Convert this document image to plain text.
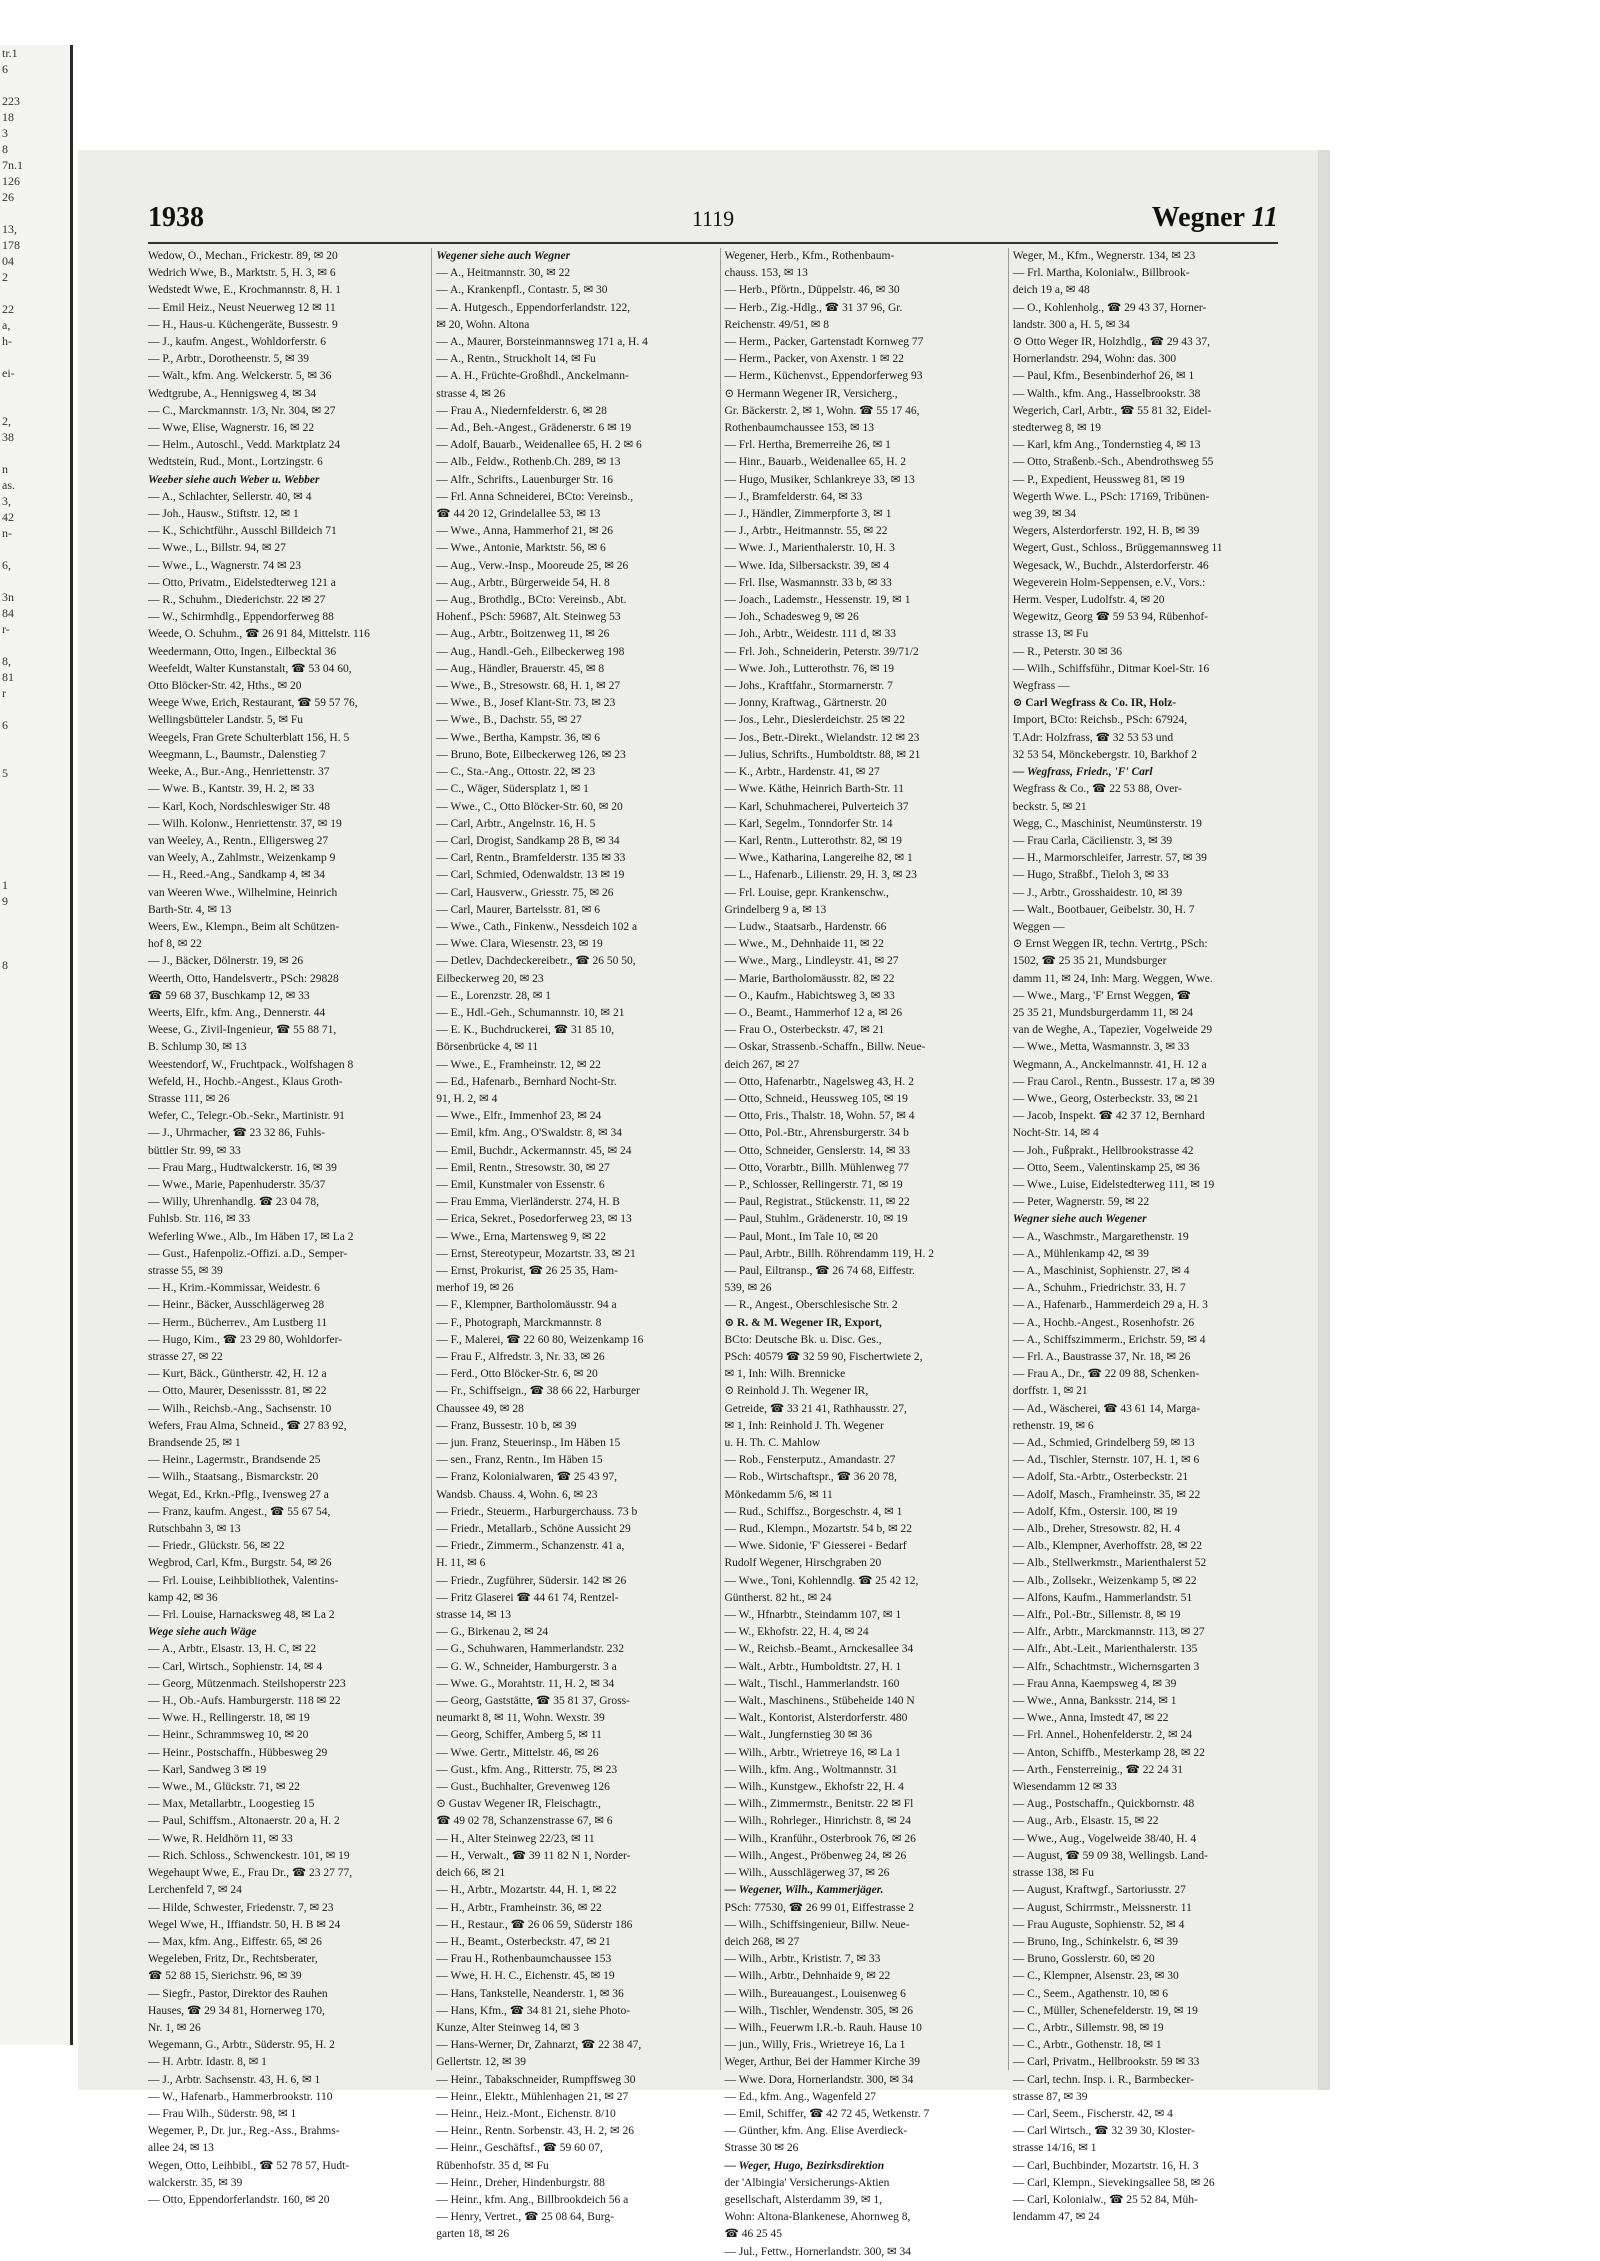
tr.1
6

223
18
3
8
7n.1
126
26

13,
178
04
2

22
a,
h-

ei-

2,
38

n
as.
3,
42
n-

6,

3n
84
r-

8,
81
r

6

5

1
9

8

1938	1119	Wegner 11
Wedow, O., Mechan., Frickestr. 89, ✉ 20
Wedrich Wwe, B., Marktstr. 5, H. 3, ✉ 6
Wedstedt Wwe, E., Krochmannstr. 8, H. 1
— Emil Heiz., Neust Neuerweg 12 ✉ 11
— H., Haus-u. Küchengeräte, Bussestr. 9
— J., kaufm. Angest., Wohldorferstr. 6
— P., Arbtr., Dorotheenstr. 5, ✉ 39
— Walt., kfm. Ang. Welckerstr. 5, ✉ 36
Wedtgrube, A., Hennigsweg 4, ✉ 34
— C., Marckmannstr. 1/3, Nr. 304, ✉ 27
— Wwe, Elise, Wagnerstr. 16, ✉ 22
— Helm., Autoschl., Vedd. Marktplatz 24
Wedtstein, Rud., Mont., Lortzingstr. 6
Weeber siehe auch Weber u. Webber
— A., Schlachter, Sellerstr. 40, ✉ 4
— Joh., Hausw., Stiftstr. 12, ✉ 1
— K., Schichtführ., Ausschl Billdeich 71
— Wwe., L., Billstr. 94, ✉ 27
— Wwe., L., Wagnerstr. 74 ✉ 23
— Otto, Privatm., Eidelstedterweg 121 a
— R., Schuhm., Diederichstr. 22 ✉ 27
— W., Schirmhdlg., Eppendorferweg 88
Weede, O. Schuhm., ☎ 26 91 84, Mittelstr. 116
Weedermann, Otto, Ingen., Eilbecktal 36
Weefeldt, Walter Kunstanstalt, ☎ 53 04 60,
Otto Blöcker-Str. 42, Hths., ✉ 20
Weege Wwe, Erich, Restaurant, ☎ 59 57 76,
Wellingsbütteler Landstr. 5, ✉ Fu
Weegels, Fran Grete Schulterblatt 156, H. 5
Weegmann, L., Baumstr., Dalenstieg 7
Weeke, A., Bur.-Ang., Henriettenstr. 37
— Wwe. B., Kantstr. 39, H. 2, ✉ 33
— Karl, Koch, Nordschleswiger Str. 48
— Wilh. Kolonw., Henriettenstr. 37, ✉ 19
van Weeley, A., Rentn., Elligersweg 27
van Weely, A., Zahlmstr., Weizenkamp 9
— H., Reed.-Ang., Sandkamp 4, ✉ 34
van Weeren Wwe., Wilhelmine, Heinrich
Barth-Str. 4, ✉ 13
Weers, Ew., Klempn., Beim alt Schützen-
hof 8, ✉ 22
— J., Bäcker, Dölnerstr. 19, ✉ 26
Weerth, Otto, Handelsvertr., PSch: 29828
☎ 59 68 37, Buschkamp 12, ✉ 33
Weerts, Elfr., kfm. Ang., Dennerstr. 44
Weese, G., Zivil-Ingenieur, ☎ 55 88 71,
B. Schlump 30, ✉ 13
Weestendorf, W., Fruchtpack., Wolfshagen 8
Wefeld, H., Hochb.-Angest., Klaus Groth-
Strasse 111, ✉ 26
Wefer, C., Telegr.-Ob.-Sekr., Martinistr. 91
— J., Uhrmacher, ☎ 23 32 86, Fuhls-
büttler Str. 99, ✉ 33
— Frau Marg., Hudtwalckerstr. 16, ✉ 39
— Wwe., Marie, Papenhuderstr. 35/37
— Willy, Uhrenhandlg. ☎ 23 04 78,
Fuhlsb. Str. 116, ✉ 33
Weferling Wwe., Alb., Im Häben 17, ✉ La 2
— Gust., Hafenpoliz.-Offizi. a.D., Semper-
strasse 55, ✉ 39
— H., Krim.-Kommissar, Weidestr. 6
— Heinr., Bäcker, Ausschlägerweg 28
— Herm., Bücherrev., Am Lustberg 11
— Hugo, Kim., ☎ 23 29 80, Wohldorfer-
strasse 27, ✉ 22
— Kurt, Bäck., Güntherstr. 42, H. 12 a
— Otto, Maurer, Desenissstr. 81, ✉ 22
— Wilh., Reichsb.-Ang., Sachsenstr. 10
Wefers, Frau Alma, Schneid., ☎ 27 83 92,
Brandsende 25, ✉ 1
— Heinr., Lagermstr., Brandsende 25
— Wilh., Staatsang., Bismarckstr. 20
Wegat, Ed., Krkn.-Pflg., Ivensweg 27 a
— Franz, kaufm. Angest., ☎ 55 67 54,
Rutschbahn 3, ✉ 13
— Friedr., Glückstr. 56, ✉ 22
Wegbrod, Carl, Kfm., Burgstr. 54, ✉ 26
— Frl. Louise, Leihbibliothek, Valentins-
kamp 42, ✉ 36
— Frl. Louise, Harnacksweg 48, ✉ La 2
Wege siehe auch Wäge
— A., Arbtr., Elsastr. 13, H. C, ✉ 22
— Carl, Wirtsch., Sophienstr. 14, ✉ 4
— Georg, Mützenmach. Steilshoperstr 223
— H., Ob.-Aufs. Hamburgerstr. 118 ✉ 22
— Wwe. H., Rellingerstr. 18, ✉ 19
— Heinr., Schrammsweg 10, ✉ 20
— Heinr., Postschaffn., Hübbesweg 29
— Karl, Sandweg 3 ✉ 19
— Wwe., M., Glückstr. 71, ✉ 22
— Max, Metallarbtr., Loogestieg 15
— Paul, Schiffsm., Altonaerstr. 20 a, H. 2
— Wwe, R. Heldhörn 11, ✉ 33
— Rich. Schloss., Schwenckestr. 101, ✉ 19
Wegehaupt Wwe, E., Frau Dr., ☎ 23 27 77,
Lerchenfeld 7, ✉ 24
— Hilde, Schwester, Friedenstr. 7, ✉ 23
Wegel Wwe, H., Iffiandstr. 50, H. B ✉ 24
— Max, kfm. Ang., Eiffestr. 65, ✉ 26
Wegeleben, Fritz, Dr., Rechtsberater,
☎ 52 88 15, Sierichstr. 96, ✉ 39
— Siegfr., Pastor, Direktor des Rauhen
Hauses, ☎ 29 34 81, Hornerweg 170,
Nr. 1, ✉ 26
Wegemann, G., Arbtr., Süderstr. 95, H. 2
— H. Arbtr. Idastr. 8, ✉ 1
— J., Arbtr. Sachsenstr. 43, H. 6, ✉ 1
— W., Hafenarb., Hammerbrookstr. 110
— Frau Wilh., Süderstr. 98, ✉ 1
Wegemer, P., Dr. jur., Reg.-Ass., Brahms-
allee 24, ✉ 13
Wegen, Otto, Leihbibl., ☎ 52 78 57, Hudt-
walckerstr. 35, ✉ 39
— Otto, Eppendorferlandstr. 160, ✉ 20
Wegener siehe auch Wegner
— A., Heitmannstr. 30, ✉ 22
— A., Krankenpfl., Contastr. 5, ✉ 30
— A. Hutgesch., Eppendorferlandstr. 122,
✉ 20, Wohn. Altona
— A., Maurer, Borsteinmannsweg 171 a, H. 4
— A., Rentn., Struckholt 14, ✉ Fu
— A. H., Früchte-Großhdl., Anckelmann-
strasse 4, ✉ 26
— Frau A., Niedernfelderstr. 6, ✉ 28
— Ad., Beh.-Angest., Grädenerstr. 6 ✉ 19
— Adolf, Bauarb., Weidenallee 65, H. 2 ✉ 6
— Alb., Feldw., Rothenb.Ch. 289, ✉ 13
— Alfr., Schrifts., Lauenburger Str. 16
— Frl. Anna Schneiderei, BCto: Vereinsb.,
☎ 44 20 12, Grindelallee 53, ✉ 13
— Wwe., Anna, Hammerhof 21, ✉ 26
— Wwe., Antonie, Marktstr. 56, ✉ 6
— Aug., Verw.-Insp., Mooreude 25, ✉ 26
— Aug., Arbtr., Bürgerweide 54, H. 8
— Aug., Brothdlg., BCto: Vereinsb., Abt.
Hohenf., PSch: 59687, Alt. Steinweg 53
— Aug., Arbtr., Boitzenweg 11, ✉ 26
— Aug., Handl.-Geh., Eilbeckerweg 198
— Aug., Händler, Brauerstr. 45, ✉ 8
— Wwe., B., Stresowstr. 68, H. 1, ✉ 27
— Wwe., B., Josef Klant-Str. 73, ✉ 23
— Wwe., B., Dachstr. 55, ✉ 27
— Wwe., Bertha, Kampstr. 36, ✉ 6
— Bruno, Bote, Eilbeckerweg 126, ✉ 23
— C., Sta.-Ang., Ottostr. 22, ✉ 23
— C., Wäger, Südersplatz 1, ✉ 1
— Wwe., C., Otto Blöcker-Str. 60, ✉ 20
— Carl, Arbtr., Angelnstr. 16, H. 5
— Carl, Drogist, Sandkamp 28 B, ✉ 34
— Carl, Rentn., Bramfelderstr. 135 ✉ 33
— Carl, Schmied, Odenwaldstr. 13 ✉ 19
— Carl, Hausverw., Griesstr. 75, ✉ 26
— Carl, Maurer, Bartelsstr. 81, ✉ 6
— Wwe., Cath., Finkenw., Nessdeich 102 a
— Wwe. Clara, Wiesenstr. 23, ✉ 19
— Detlev, Dachdeckereibetr., ☎ 26 50 50,
Eilbeckerweg 20, ✉ 23
— E., Lorenzstr. 28, ✉ 1
— E., Hdl.-Geh., Schumannstr. 10, ✉ 21
— E. K., Buchdruckerei, ☎ 31 85 10,
Börsenbrücke 4, ✉ 11
— Wwe., E., Framheinstr. 12, ✉ 22
— Ed., Hafenarb., Bernhard Nocht-Str.
91, H. 2, ✉ 4
— Wwe., Elfr., Immenhof 23, ✉ 24
— Emil, kfm. Ang., O'Swaldstr. 8, ✉ 34
— Emil, Buchdr., Ackermannstr. 45, ✉ 24
— Emil, Rentn., Stresowstr. 30, ✉ 27
— Emil, Kunstmaler von Essenstr. 6
— Frau Emma, Vierländerstr. 274, H. B
— Erica, Sekret., Posedorferweg 23, ✉ 13
— Wwe., Erna, Martensweg 9, ✉ 22
— Ernst, Stereotypeur, Mozartstr. 33, ✉ 21
— Ernst, Prokurist, ☎ 26 25 35, Ham-
merhof 19, ✉ 26
— F., Klempner, Bartholomäusstr. 94 a
— F., Photograph, Marckmannstr. 8
— F., Malerei, ☎ 22 60 80, Weizenkamp 16
— Frau F., Alfredstr. 3, Nr. 33, ✉ 26
— Ferd., Otto Blöcker-Str. 6, ✉ 20
— Fr., Schiffseign., ☎ 38 66 22, Harburger
Chaussee 49, ✉ 28
— Franz, Bussestr. 10 b, ✉ 39
— jun. Franz, Steuerinsp., Im Häben 15
— sen., Franz, Rentn., Im Häben 15
— Franz, Kolonialwaren, ☎ 25 43 97,
Wandsb. Chauss. 4, Wohn. 6, ✉ 23
— Friedr., Steuerm., Harburgerchauss. 73 b
— Friedr., Metallarb., Schöne Aussicht 29
— Friedr., Zimmerm., Schanzenstr. 41 a,
H. 11, ✉ 6
— Friedr., Zugführer, Südersir. 142 ✉ 26
— Fritz Glaserei ☎ 44 61 74, Rentzel-
strasse 14, ✉ 13
— G., Birkenau 2, ✉ 24
— G., Schuhwaren, Hammerlandstr. 232
— G. W., Schneider, Hamburgerstr. 3 a
— Wwe. G., Morahtstr. 11, H. 2, ✉ 34
— Georg, Gaststätte, ☎ 35 81 37, Gross-
neumarkt 8, ✉ 11, Wohn. Wexstr. 39
— Georg, Schiffer, Amberg 5, ✉ 11
— Wwe. Gertr., Mittelstr. 46, ✉ 26
— Gust., kfm. Ang., Ritterstr. 75, ✉ 23
— Gust., Buchhalter, Grevenweg 126
⊙ Gustav Wegener IR, Fleischagtr.,
☎ 49 02 78, Schanzenstrasse 67, ✉ 6
— H., Alter Steinweg 22/23, ✉ 11
— H., Verwalt., ☎ 39 11 82 N 1, Norder-
deich 66, ✉ 21
— H., Arbtr., Mozartstr. 44, H. 1, ✉ 22
— H., Arbtr., Framheinstr. 36, ✉ 22
— H., Restaur., ☎ 26 06 59, Süderstr 186
— H., Beamt., Osterbeckstr. 47, ✉ 21
— Frau H., Rothenbaumchaussee 153
— Wwe, H. H. C., Eichenstr. 45, ✉ 19
— Hans, Tankstelle, Neanderstr. 1, ✉ 36
— Hans, Kfm., ☎ 34 81 21, siehe Photo-
Kunze, Alter Steinweg 14, ✉ 3
— Hans-Werner, Dr, Zahnarzt, ☎ 22 38 47,
Gellertstr. 12, ✉ 39
— Heinr., Tabakschneider, Rumpffsweg 30
— Heinr., Elektr., Mühlenhagen 21, ✉ 27
— Heinr., Heiz.-Mont., Eichenstr. 8/10
— Heinr., Rentn. Sorbenstr. 43, H. 2, ✉ 26
— Heinr., Geschäftsf., ☎ 59 60 07,
Rübenhofstr. 35 d, ✉ Fu
— Heinr., Dreher, Hindenburgstr. 88
— Heinr., kfm. Ang., Billbrookdeich 56 a
— Henry, Vertret., ☎ 25 08 64, Burg-
garten 18, ✉ 26
Wegener, Herb., Kfm., Rothenbaum-
chauss. 153, ✉ 13
— Herb., Pförtn., Düppelstr. 46, ✉ 30
— Herb., Zig.-Hdlg., ☎ 31 37 96, Gr.
Reichenstr. 49/51, ✉ 8
— Herm., Packer, Gartenstadt Kornweg 77
— Herm., Packer, von Axenstr. 1 ✉ 22
— Herm., Küchenvst., Eppendorferweg 93
⊙ Hermann Wegener IR, Versicherg.,
Gr. Bäckerstr. 2, ✉ 1, Wohn. ☎ 55 17 46,
Rothenbaumchaussee 153, ✉ 13
— Frl. Hertha, Bremerreihe 26, ✉ 1
— Hinr., Bauarb., Weidenallee 65, H. 2
— Hugo, Musiker, Schlankreye 33, ✉ 13
— J., Bramfelderstr. 64, ✉ 33
— J., Händler, Zimmerpforte 3, ✉ 1
— J., Arbtr., Heitmannstr. 55, ✉ 22
— Wwe. J., Marienthalerstr. 10, H. 3
— Wwe. Ida, Silbersackstr. 39, ✉ 4
— Frl. Ilse, Wasmannstr. 33 b, ✉ 33
— Joach., Lademstr., Hessenstr. 19, ✉ 1
— Joh., Schadesweg 9, ✉ 26
— Joh., Arbtr., Weidestr. 111 d, ✉ 33
— Frl. Joh., Schneiderin, Peterstr. 39/71/2
— Wwe. Joh., Lutterothstr. 76, ✉ 19
— Johs., Kraftfahr., Stormarnerstr. 7
— Jonny, Kraftwag., Gärtnerstr. 20
— Jos., Lehr., Dieslerdeichstr. 25 ✉ 22
— Jos., Betr.-Direkt., Wielandstr. 12 ✉ 23
— Julius, Schrifts., Humboldtstr. 88, ✉ 21
— K., Arbtr., Hardenstr. 41, ✉ 27
— Wwe. Käthe, Heinrich Barth-Str. 11
— Karl, Schuhmacherei, Pulverteich 37
— Karl, Segelm., Tonndorfer Str. 14
— Karl, Rentn., Lutterothstr. 82, ✉ 19
— Wwe., Katharina, Langereihe 82, ✉ 1
— L., Hafenarb., Lilienstr. 29, H. 3, ✉ 23
— Frl. Louise, gepr. Krankenschw.,
Grindelberg 9 a, ✉ 13
— Ludw., Staatsarb., Hardenstr. 66
— Wwe., M., Dehnhaide 11, ✉ 22
— Wwe., Marg., Lindleystr. 41, ✉ 27
— Marie, Bartholomäusstr. 82, ✉ 22
— O., Kaufm., Habichtsweg 3, ✉ 33
— O., Beamt., Hammerhof 12 a, ✉ 26
— Frau O., Osterbeckstr. 47, ✉ 21
— Oskar, Strassenb.-Schaffn., Billw. Neue-
deich 267, ✉ 27
— Otto, Hafenarbtr., Nagelsweg 43, H. 2
— Otto, Schneid., Heussweg 105, ✉ 19
— Otto, Fris., Thalstr. 18, Wohn. 57, ✉ 4
— Otto, Pol.-Btr., Ahrensburgerstr. 34 b
— Otto, Schneider, Genslerstr. 14, ✉ 33
— Otto, Vorarbtr., Billh. Mühlenweg 77
— P., Schlosser, Rellingerstr. 71, ✉ 19
— Paul, Registrat., Stückenstr. 11, ✉ 22
— Paul, Stuhlm., Grädenerstr. 10, ✉ 19
— Paul, Mont., Im Tale 10, ✉ 20
— Paul, Arbtr., Billh. Röhrendamm 119, H. 2
— Paul, Eiltransp., ☎ 26 74 68, Eiffestr.
539, ✉ 26
— R., Angest., Oberschlesische Str. 2
⊙ R. & M. Wegener IR, Export,
BCto: Deutsche Bk. u. Disc. Ges.,
PSch: 40579 ☎ 32 59 90, Fischertwiete 2,
✉ 1, Inh: Wilh. Brennicke
⊙ Reinhold J. Th. Wegener IR,
Getreide, ☎ 33 21 41, Rathhausstr. 27,
✉ 1, Inh: Reinhold J. Th. Wegener
u. H. Th. C. Mahlow
— Rob., Fensterputz., Amandastr. 27
— Rob., Wirtschaftspr., ☎ 36 20 78,
Mönkedamm 5/6, ✉ 11
— Rud., Schiffsz., Borgeschstr. 4, ✉ 1
— Rud., Klempn., Mozartstr. 54 b, ✉ 22
— Wwe. Sidonie, 'F' Giesserei - Bedarf
Rudolf Wegener, Hirschgraben 20
— Wwe., Toni, Kohlenndlg. ☎ 25 42 12,
Güntherst. 82 ht., ✉ 24
— W., Hfnarbtr., Steindamm 107, ✉ 1
— W., Ekhofstr. 22, H. 4, ✉ 24
— W., Reichsb.-Beamt., Arnckesallee 34
— Walt., Arbtr., Humboldtstr. 27, H. 1
— Walt., Tischl., Hammerlandstr. 160
— Walt., Maschinens., Stübeheide 140 N
— Walt., Kontorist, Alsterdorferstr. 480
— Walt., Jungfernstieg 30 ✉ 36
— Wilh., Arbtr., Wrietreye 16, ✉ La 1
— Wilh., kfm. Ang., Woltmannstr. 31
— Wilh., Kunstgew., Ekhofstr 22, H. 4
— Wilh., Zimmermstr., Benitstr. 22 ✉ Fl
— Wilh., Rohrleger., Hinrichstr. 8, ✉ 24
— Wilh., Kranführ., Osterbrook 76, ✉ 26
— Wilh., Angest., Pröbenweg 24, ✉ 26
— Wilh., Ausschlägerweg 37, ✉ 26
— Wegener, Wilh., Kammerjäger.
PSch: 77530, ☎ 26 99 01, Eiffestrasse 2
— Wilh., Schiffsingenieur, Billw. Neue-
deich 268, ✉ 27
— Wilh., Arbtr., Krististr. 7, ✉ 33
— Wilh., Arbtr., Dehnhaide 9, ✉ 22
— Wilh., Bureauangest., Louisenweg 6
— Wilh., Tischler, Wendenstr. 305, ✉ 26
— Wilh., Feuerwm I.R.-b. Rauh. Hause 10
— jun., Willy, Fris., Wrietreye 16, La 1
Weger, Arthur, Bei der Hammer Kirche 39
— Wwe. Dora, Hornerlandstr. 300, ✉ 34
— Ed., kfm. Ang., Wagenfeld 27
— Emil, Schiffer, ☎ 42 72 45, Wetkenstr. 7
— Günther, kfm. Ang. Elise Averdieck-
Strasse 30 ✉ 26
— Weger, Hugo, Bezirksdirektion
der 'Albingia' Versicherungs-Aktien
gesellschaft, Alsterdamm 39, ✉ 1,
Wohn: Altona-Blankenese, Ahornweg 8,
☎ 46 25 45
— Jul., Fettw., Hornerlandstr. 300, ✉ 34
Weger, M., Kfm., Wegnerstr. 134, ✉ 23
— Frl. Martha, Kolonialw., Billbrook-
deich 19 a, ✉ 48
— O., Kohlenholg., ☎ 29 43 37, Horner-
landstr. 300 a, H. 5, ✉ 34
⊙ Otto Weger IR, Holzhdlg., ☎ 29 43 37,
Hornerlandstr. 294, Wohn: das. 300
— Paul, Kfm., Besenbinderhof 26, ✉ 1
— Walth., kfm. Ang., Hasselbrookstr. 38
Wegerich, Carl, Arbtr., ☎ 55 81 32, Eidel-
stedterweg 8, ✉ 19
— Karl, kfm Ang., Tondernstieg 4, ✉ 13
— Otto, Straßenb.-Sch., Abendrothsweg 55
— P., Expedient, Heussweg 81, ✉ 19
Wegerth Wwe. L., PSch: 17169, Tribünen-
weg 39, ✉ 34
Wegers, Alsterdorferstr. 192, H. B, ✉ 39
Wegert, Gust., Schloss., Brüggemannsweg 11
Wegesack, W., Buchdr., Alsterdorferstr. 46
Wegeverein Holm-Seppensen, e.V., Vors.:
Herm. Vesper, Ludolfstr. 4, ✉ 20
Wegewitz, Georg ☎ 59 53 94, Rübenhof-
strasse 13, ✉ Fu
— R., Peterstr. 30 ✉ 36
— Wilh., Schiffsführ., Ditmar Koel-Str. 16
Wegfrass —
⊙ Carl Wegfrass & Co. IR, Holz-
Import, BCto: Reichsb., PSch: 67924,
T.Adr: Holzfrass, ☎ 32 53 53 und
32 53 54, Mönckebergstr. 10, Barkhof 2
— Wegfrass, Friedr., 'F' Carl
Wegfrass & Co., ☎ 22 53 88, Over-
beckstr. 5, ✉ 21
Wegg, C., Maschinist, Neumünsterstr. 19
— Frau Carla, Cäcilienstr. 3, ✉ 39
— H., Marmorschleifer, Jarrestr. 57, ✉ 39
— Hugo, Straßbf., Tieloh 3, ✉ 33
— J., Arbtr., Grosshaidestr. 10, ✉ 39
— Walt., Bootbauer, Geibelstr. 30, H. 7
Weggen —
⊙ Ernst Weggen IR, techn. Vertrtg., PSch:
1502, ☎ 25 35 21, Mundsburger
damm 11, ✉ 24, Inh: Marg. Weggen, Wwe.
— Wwe., Marg., 'F' Ernst Weggen, ☎
25 35 21, Mundsburgerdamm 11, ✉ 24
van de Weghe, A., Tapezier, Vogelweide 29
— Wwe., Metta, Wasmannstr. 3, ✉ 33
Wegmann, A., Anckelmannstr. 41, H. 12 a
— Frau Carol., Rentn., Bussestr. 17 a, ✉ 39
— Wwe., Georg, Osterbeckstr. 33, ✉ 21
— Jacob, Inspekt. ☎ 42 37 12, Bernhard
Nocht-Str. 14, ✉ 4
— Joh., Fußprakt., Hellbrookstrasse 42
— Otto, Seem., Valentinskamp 25, ✉ 36
— Wwe., Luise, Eidelstedterweg 111, ✉ 19
— Peter, Wagnerstr. 59, ✉ 22
Wegner siehe auch Wegener
— A., Waschmstr., Margarethenstr. 19
— A., Mühlenkamp 42, ✉ 39
— A., Maschinist, Sophienstr. 27, ✉ 4
— A., Schuhm., Friedrichstr. 33, H. 7
— A., Hafenarb., Hammerdeich 29 a, H. 3
— A., Hochb.-Angest., Rosenhofstr. 26
— A., Schiffszimmerm., Erichstr. 59, ✉ 4
— Frl. A., Baustrasse 37, Nr. 18, ✉ 26
— Frau A., Dr., ☎ 22 09 88, Schenken-
dorffstr. 1, ✉ 21
— Ad., Wäscherei, ☎ 43 61 14, Marga-
rethenstr. 19, ✉ 6
— Ad., Schmied, Grindelberg 59, ✉ 13
— Ad., Tischler, Sternstr. 107, H. 1, ✉ 6
— Adolf, Sta.-Arbtr., Osterbeckstr. 21
— Adolf, Masch., Framheinstr. 35, ✉ 22
— Adolf, Kfm., Ostersir. 100, ✉ 19
— Alb., Dreher, Stresowstr. 82, H. 4
— Alb., Klempner, Averhoffstr. 28, ✉ 22
— Alb., Stellwerkmstr., Marienthalerst 52
— Alb., Zollsekr., Weizenkamp 5, ✉ 22
— Alfons, Kaufm., Hammerlandstr. 51
— Alfr., Pol.-Btr., Sillemstr. 8, ✉ 19
— Alfr., Arbtr., Marckmannstr. 113, ✉ 27
— Alfr., Abt.-Leit., Marienthalerstr. 135
— Alfr., Schachtmstr., Wichernsgarten 3
— Frau Anna, Kaempsweg 4, ✉ 39
— Wwe., Anna, Banksstr. 214, ✉ 1
— Wwe., Anna, Imstedt 47, ✉ 22
— Frl. Annel., Hohenfelderstr. 2, ✉ 24
— Anton, Schiffb., Mesterkamp 28, ✉ 22
— Arth., Fensterreinig., ☎ 22 24 31
Wiesendamm 12 ✉ 33
— Aug., Postschaffn., Quickbornstr. 48
— Aug., Arb., Elsastr. 15, ✉ 22
— Wwe., Aug., Vogelweide 38/40, H. 4
— August, ☎ 59 09 38, Wellingsb. Land-
strasse 138, ✉ Fu
— August, Kraftwgf., Sartoriusstr. 27
— August, Schirrmstr., Meissnerstr. 11
— Frau Auguste, Sophienstr. 52, ✉ 4
— Bruno, Ing., Schinkelstr. 6, ✉ 39
— Bruno, Gosslerstr. 60, ✉ 20
— C., Klempner, Alsenstr. 23, ✉ 30
— C., Seem., Agathenstr. 10, ✉ 6
— C., Müller, Schenefelderstr. 19, ✉ 19
— C., Arbtr., Sillemstr. 98, ✉ 19
— C., Arbtr., Gothenstr. 18, ✉ 1
— Carl, Privatm., Hellbrookstr. 59 ✉ 33
— Carl, techn. Insp. i. R., Barmbecker-
strasse 87, ✉ 39
— Carl, Seem., Fischerstr. 42, ✉ 4
— Carl Wirtsch., ☎ 32 39 30, Kloster-
strasse 14/16, ✉ 1
— Carl, Buchbinder, Mozartstr. 16, H. 3
— Carl, Klempn., Sievekingsallee 58, ✉ 26
— Carl, Kolonialw., ☎ 25 52 84, Müh-
lendamm 47, ✉ 24
